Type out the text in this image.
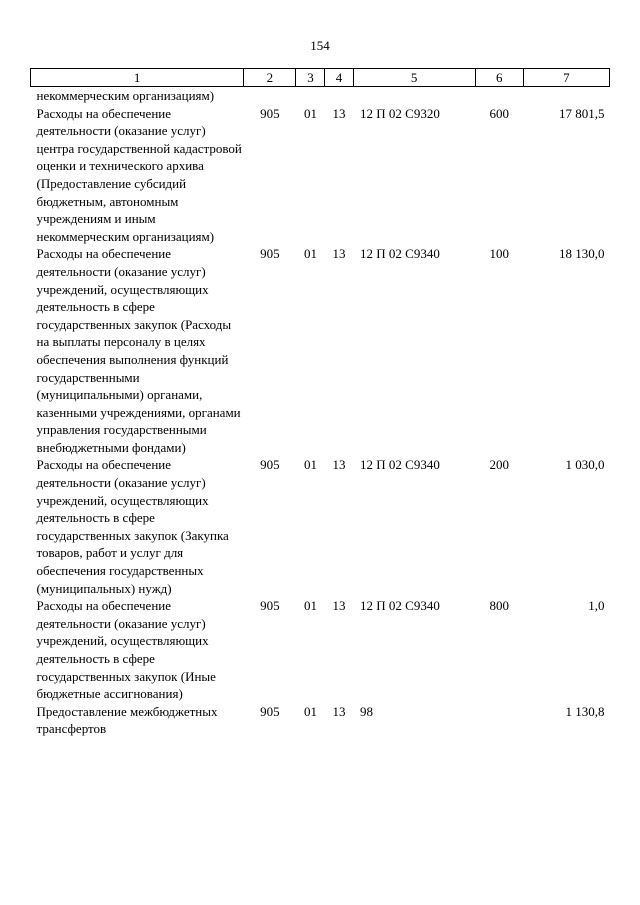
154
1	2	3	4	5	6	7
некоммерческим организациям)						
Расходы на обеспечение деятельности (оказание услуг) центра государственной кадастровой оценки и технического архива (Предоставление субсидий бюджетным, автономным учреждениям и иным некоммерческим организациям)	905	01	13	12 П 02 С9320	600	17 801,5
Расходы на обеспечение деятельности (оказание услуг) учреждений, осуществляющих деятельность в сфере государственных закупок (Расходы на выплаты персоналу в целях обеспечения выполнения функций государственными (муниципальными) органами, казенными учреждениями, органами управления государственными внебюджетными фондами)	905	01	13	12 П 02 С9340	100	18 130,0
Расходы на обеспечение деятельности (оказание услуг) учреждений, осуществляющих деятельность в сфере государственных закупок (Закупка товаров, работ и услуг для обеспечения государственных (муниципальных) нужд)	905	01	13	12 П 02 С9340	200	1 030,0
Расходы на обеспечение деятельности (оказание услуг) учреждений, осуществляющих деятельность в сфере государственных закупок (Иные бюджетные ассигнования)	905	01	13	12 П 02 С9340	800	1,0
Предоставление межбюджетных трансфертов	905	01	13	98		1 130,8
